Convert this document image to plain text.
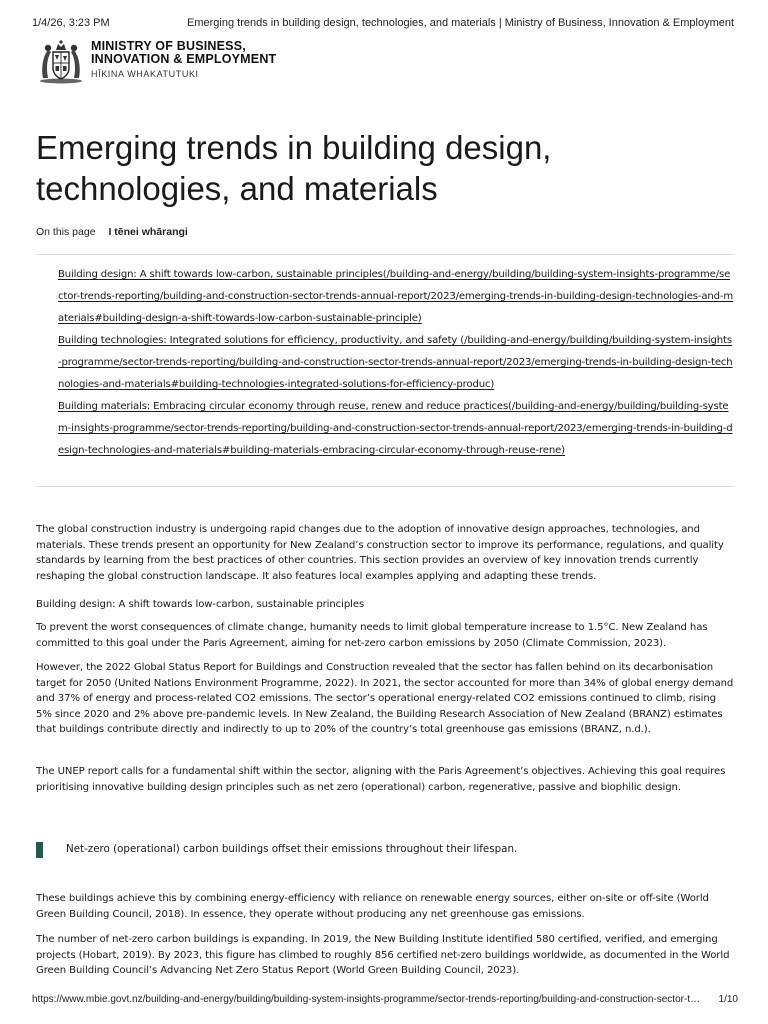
1/4/26, 3:23 PM	Emerging trends in building design, technologies, and materials | Ministry of Business, Innovation & Employment
MINISTRY OF BUSINESS,
INNOVATION & EMPLOYMENT
HĪKINA WHAKATUTUKI
Emerging trends in building design, technologies, and materials
On this page I tēnei whārangi

Building design: A shift towards low-carbon, sustainable principles(/building-and-energy/building/building-system-insights-programme/sector-trends-reporting/building-and-construction-sector-trends-annual-report/2023/emerging-trends-in-building-design-technologies-and-materials#building-design-a-shift-towards-low-carbon-sustainable-principle)

Building technologies: Integrated solutions for efficiency, productivity, and safety (/building-and-energy/building/building-system-insights-programme/sector-trends-reporting/building-and-construction-sector-trends-annual-report/2023/emerging-trends-in-building-design-technologies-and-materials#building-technologies-integrated-solutions-for-efficiency-produc)

Building materials: Embracing circular economy through reuse, renew and reduce practices(/building-and-energy/building/building-system-insights-programme/sector-trends-reporting/building-and-construction-sector-trends-annual-report/2023/emerging-trends-in-building-design-technologies-and-materials#building-materials-embracing-circular-economy-through-reuse-rene)

The global construction industry is undergoing rapid changes due to the adoption of innovative design approaches, technologies, and materials. These trends present an opportunity for New Zealand’s construction sector to improve its performance, regulations, and quality standards by learning from the best practices of other countries. This section provides an overview of key innovation trends currently reshaping the global construction landscape. It also features local examples applying and adapting these trends.

Building design: A shift towards low-carbon, sustainable principles

To prevent the worst consequences of climate change, humanity needs to limit global temperature increase to 1.5°C. New Zealand has committed to this goal under the Paris Agreement, aiming for net-zero carbon emissions by 2050 (Climate Commission, 2023).

However, the 2022 Global Status Report for Buildings and Construction revealed that the sector has fallen behind on its decarbonisation target for 2050 (United Nations Environment Programme, 2022). In 2021, the sector accounted for more than 34% of global energy demand and 37% of energy and process-related CO2 emissions. The sector’s operational energy-related CO2 emissions continued to climb, rising 5% since 2020 and 2% above pre-pandemic levels. In New Zealand, the Building Research Association of New Zealand (BRANZ) estimates that buildings contribute directly and indirectly to up to 20% of the country’s total greenhouse gas emissions (BRANZ, n.d.).

The UNEP report calls for a fundamental shift within the sector, aligning with the Paris Agreement’s objectives. Achieving this goal requires prioritising innovative building design principles such as net zero (operational) carbon, regenerative, passive and biophilic design.

Net-zero (operational) carbon buildings offset their emissions throughout their lifespan.

These buildings achieve this by combining energy-efficiency with reliance on renewable energy sources, either on-site or off-site (World Green Building Council, 2018). In essence, they operate without producing any net greenhouse gas emissions.

The number of net-zero carbon buildings is expanding. In 2019, the New Building Institute identified 580 certified, verified, and emerging projects (Hobart, 2019). By 2023, this figure has climbed to roughly 856 certified net-zero buildings worldwide, as documented in the World Green Building Council’s Advancing Net Zero Status Report (World Green Building Council, 2023).

https://www.mbie.govt.nz/building-and-energy/building/building-system-insights-programme/sector-trends-reporting/building-and-construction-sector-t… 1/10
